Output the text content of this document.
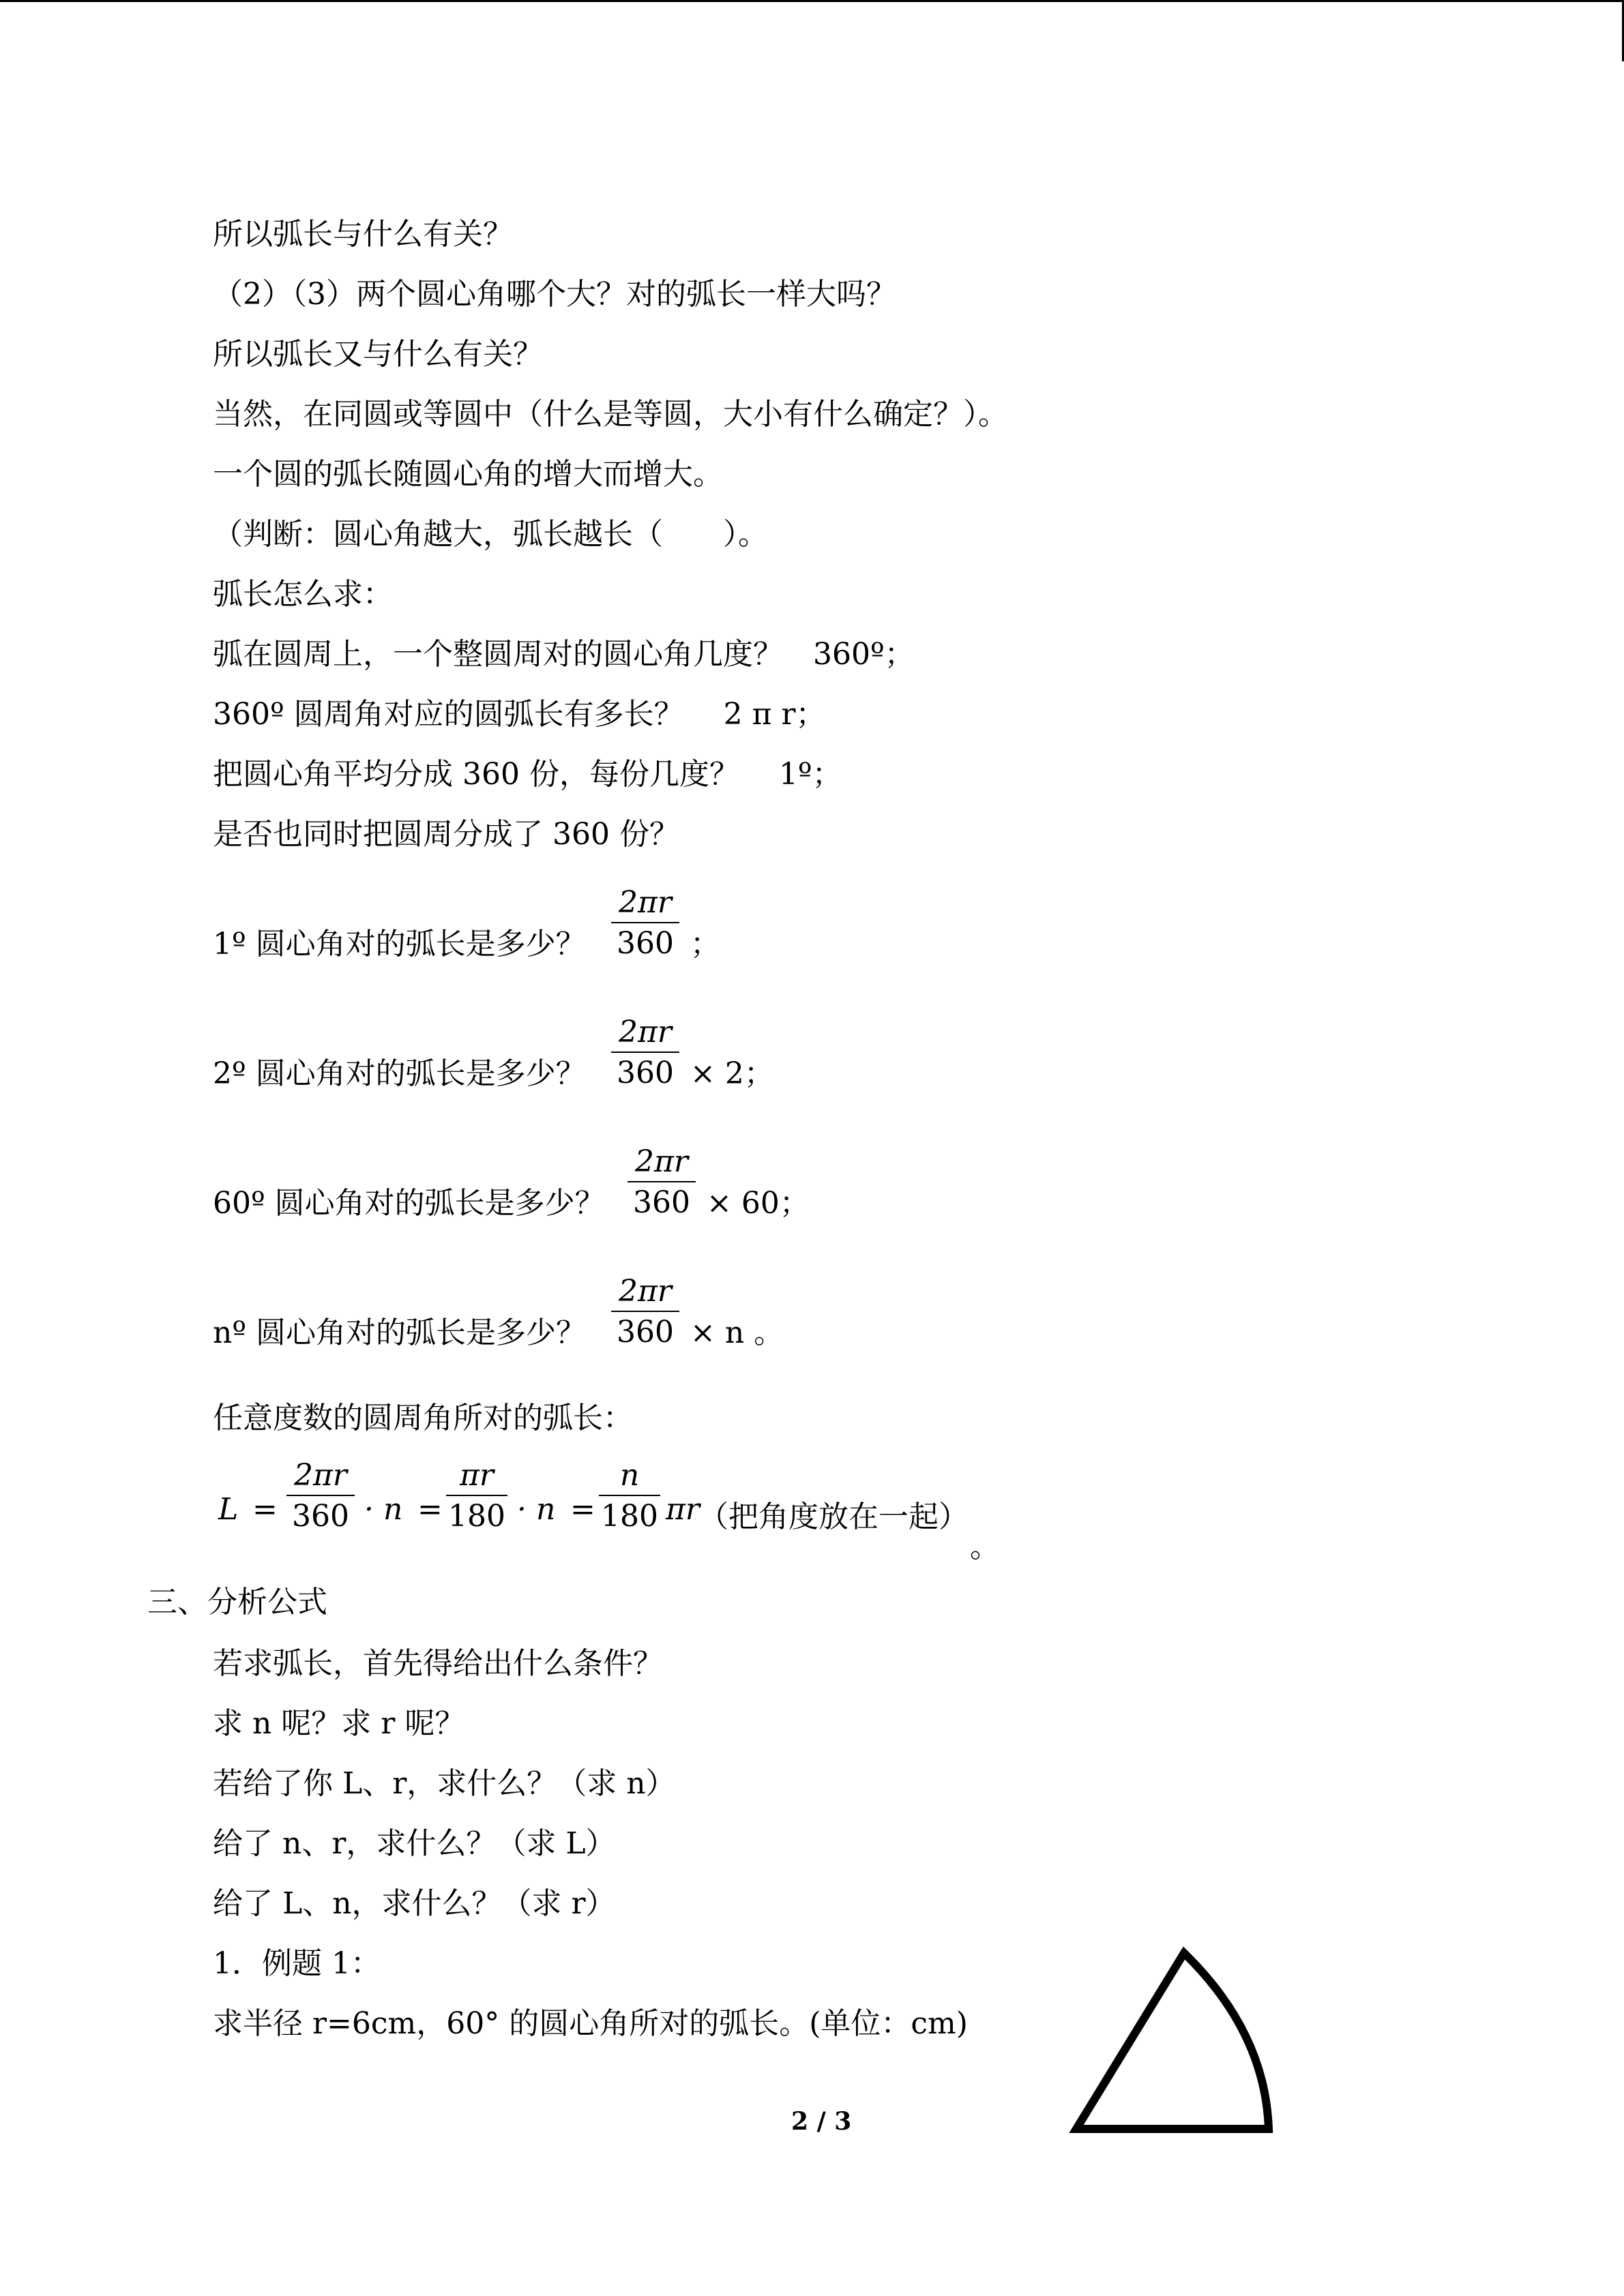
所以弧长与什么有关？
（2）（3）两个圆心角哪个大？对的弧长一样大吗？
所以弧长又与什么有关？
当然，在同圆或等圆中（什么是等圆，大小有什么确定？）。
一个圆的弧长随圆心角的增大而增大。
（判断：圆心角越大，弧长越长（　　）。
弧长怎么求：
弧在圆周上，一个整圆周对的圆心角几度？　360º；
360º 圆周角对应的圆弧长有多长？　 2 π r；
把圆心角平均分成 360 份，每份几度？　 1º；
是否也同时把圆周分成了 360 份？
1º 圆心角对的弧长是多少？
2πr
360 ；
2º 圆心角对的弧长是多少？
2πr
360 × 2；
60º 圆心角对的弧长是多少？
2πr
360 × 60；
nº 圆心角对的弧长是多少？
2πr
360 × n 。
任意度数的圆周角所对的弧长：
L =
2πr
360 · n =
πr
180 · n =
n
180 πr
（把角度放在一起）
。
三、分析公式
若求弧长，首先得给出什么条件？
求 n 呢？求 r 呢？
若给了你 L、r，求什么？（求 n）
给了 n、r，求什么？（求 L）
给了 L、n，求什么？（求 r）
1．例题 1：
求半径 r=6cm，60° 的圆心角所对的弧长。(单位：cm)
2 / 3
